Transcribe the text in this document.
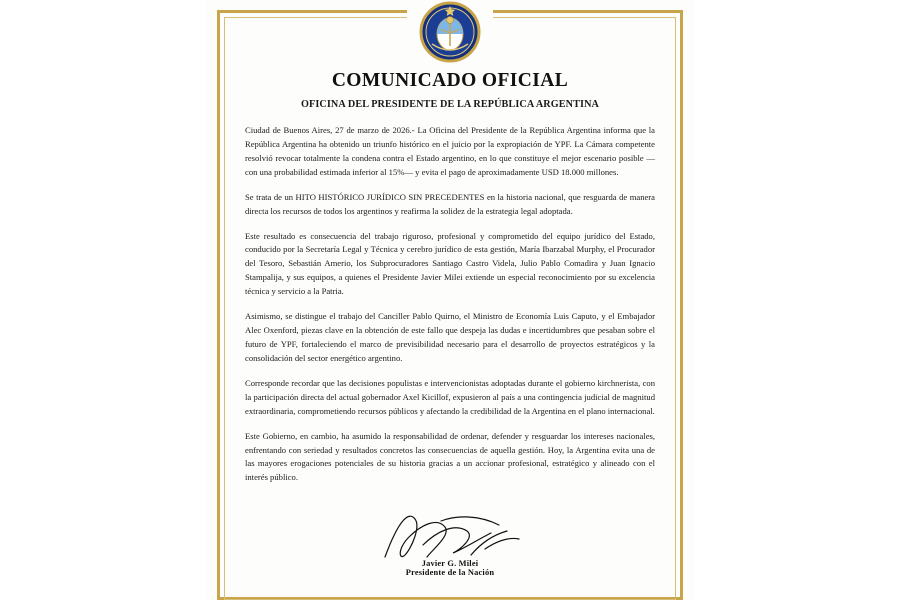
COMUNICADO OFICIAL
OFICINA DEL PRESIDENTE DE LA REPÚBLICA ARGENTINA

Ciudad de Buenos Aires, 27 de marzo de 2026.- La Oficina del Presidente de la República Argentina informa que la República Argentina ha obtenido un triunfo histórico en el juicio por la expropiación de YPF. La Cámara competente resolvió revocar totalmente la condena contra el Estado argentino, en lo que constituye el mejor escenario posible —con una probabilidad estimada inferior al 15%— y evita el pago de aproximadamente USD 18.000 millones.

Se trata de un HITO HISTÓRICO JURÍDICO SIN PRECEDENTES en la historia nacional, que resguarda de manera directa los recursos de todos los argentinos y reafirma la solidez de la estrategia legal adoptada.

Este resultado es consecuencia del trabajo riguroso, profesional y comprometido del equipo jurídico del Estado, conducido por la Secretaría Legal y Técnica y cerebro jurídico de esta gestión, María Ibarzabal Murphy, el Procurador del Tesoro, Sebastián Amerio, los Subprocuradores Santiago Castro Videla, Julio Pablo Comadira y Juan Ignacio Stampalija, y sus equipos, a quienes el Presidente Javier Milei extiende un especial reconocimiento por su excelencia técnica y servicio a la Patria.

Asimismo, se distingue el trabajo del Canciller Pablo Quirno, el Ministro de Economía Luis Caputo, y el Embajador Alec Oxenford, piezas clave en la obtención de este fallo que despeja las dudas e incertidumbres que pesaban sobre el futuro de YPF, fortaleciendo el marco de previsibilidad necesario para el desarrollo de proyectos estratégicos y la consolidación del sector energético argentino.

Corresponde recordar que las decisiones populistas e intervencionistas adoptadas durante el gobierno kirchnerista, con la participación directa del actual gobernador Axel Kicillof, expusieron al país a una contingencia judicial de magnitud extraordinaria, comprometiendo recursos públicos y afectando la credibilidad de la Argentina en el plano internacional.

Este Gobierno, en cambio, ha asumido la responsabilidad de ordenar, defender y resguardar los intereses nacionales, enfrentando con seriedad y resultados concretos las consecuencias de aquella gestión. Hoy, la Argentina evita una de las mayores erogaciones potenciales de su historia gracias a un accionar profesional, estratégico y alineado con el interés público.

Javier G. Milei
Presidente de la Nación
